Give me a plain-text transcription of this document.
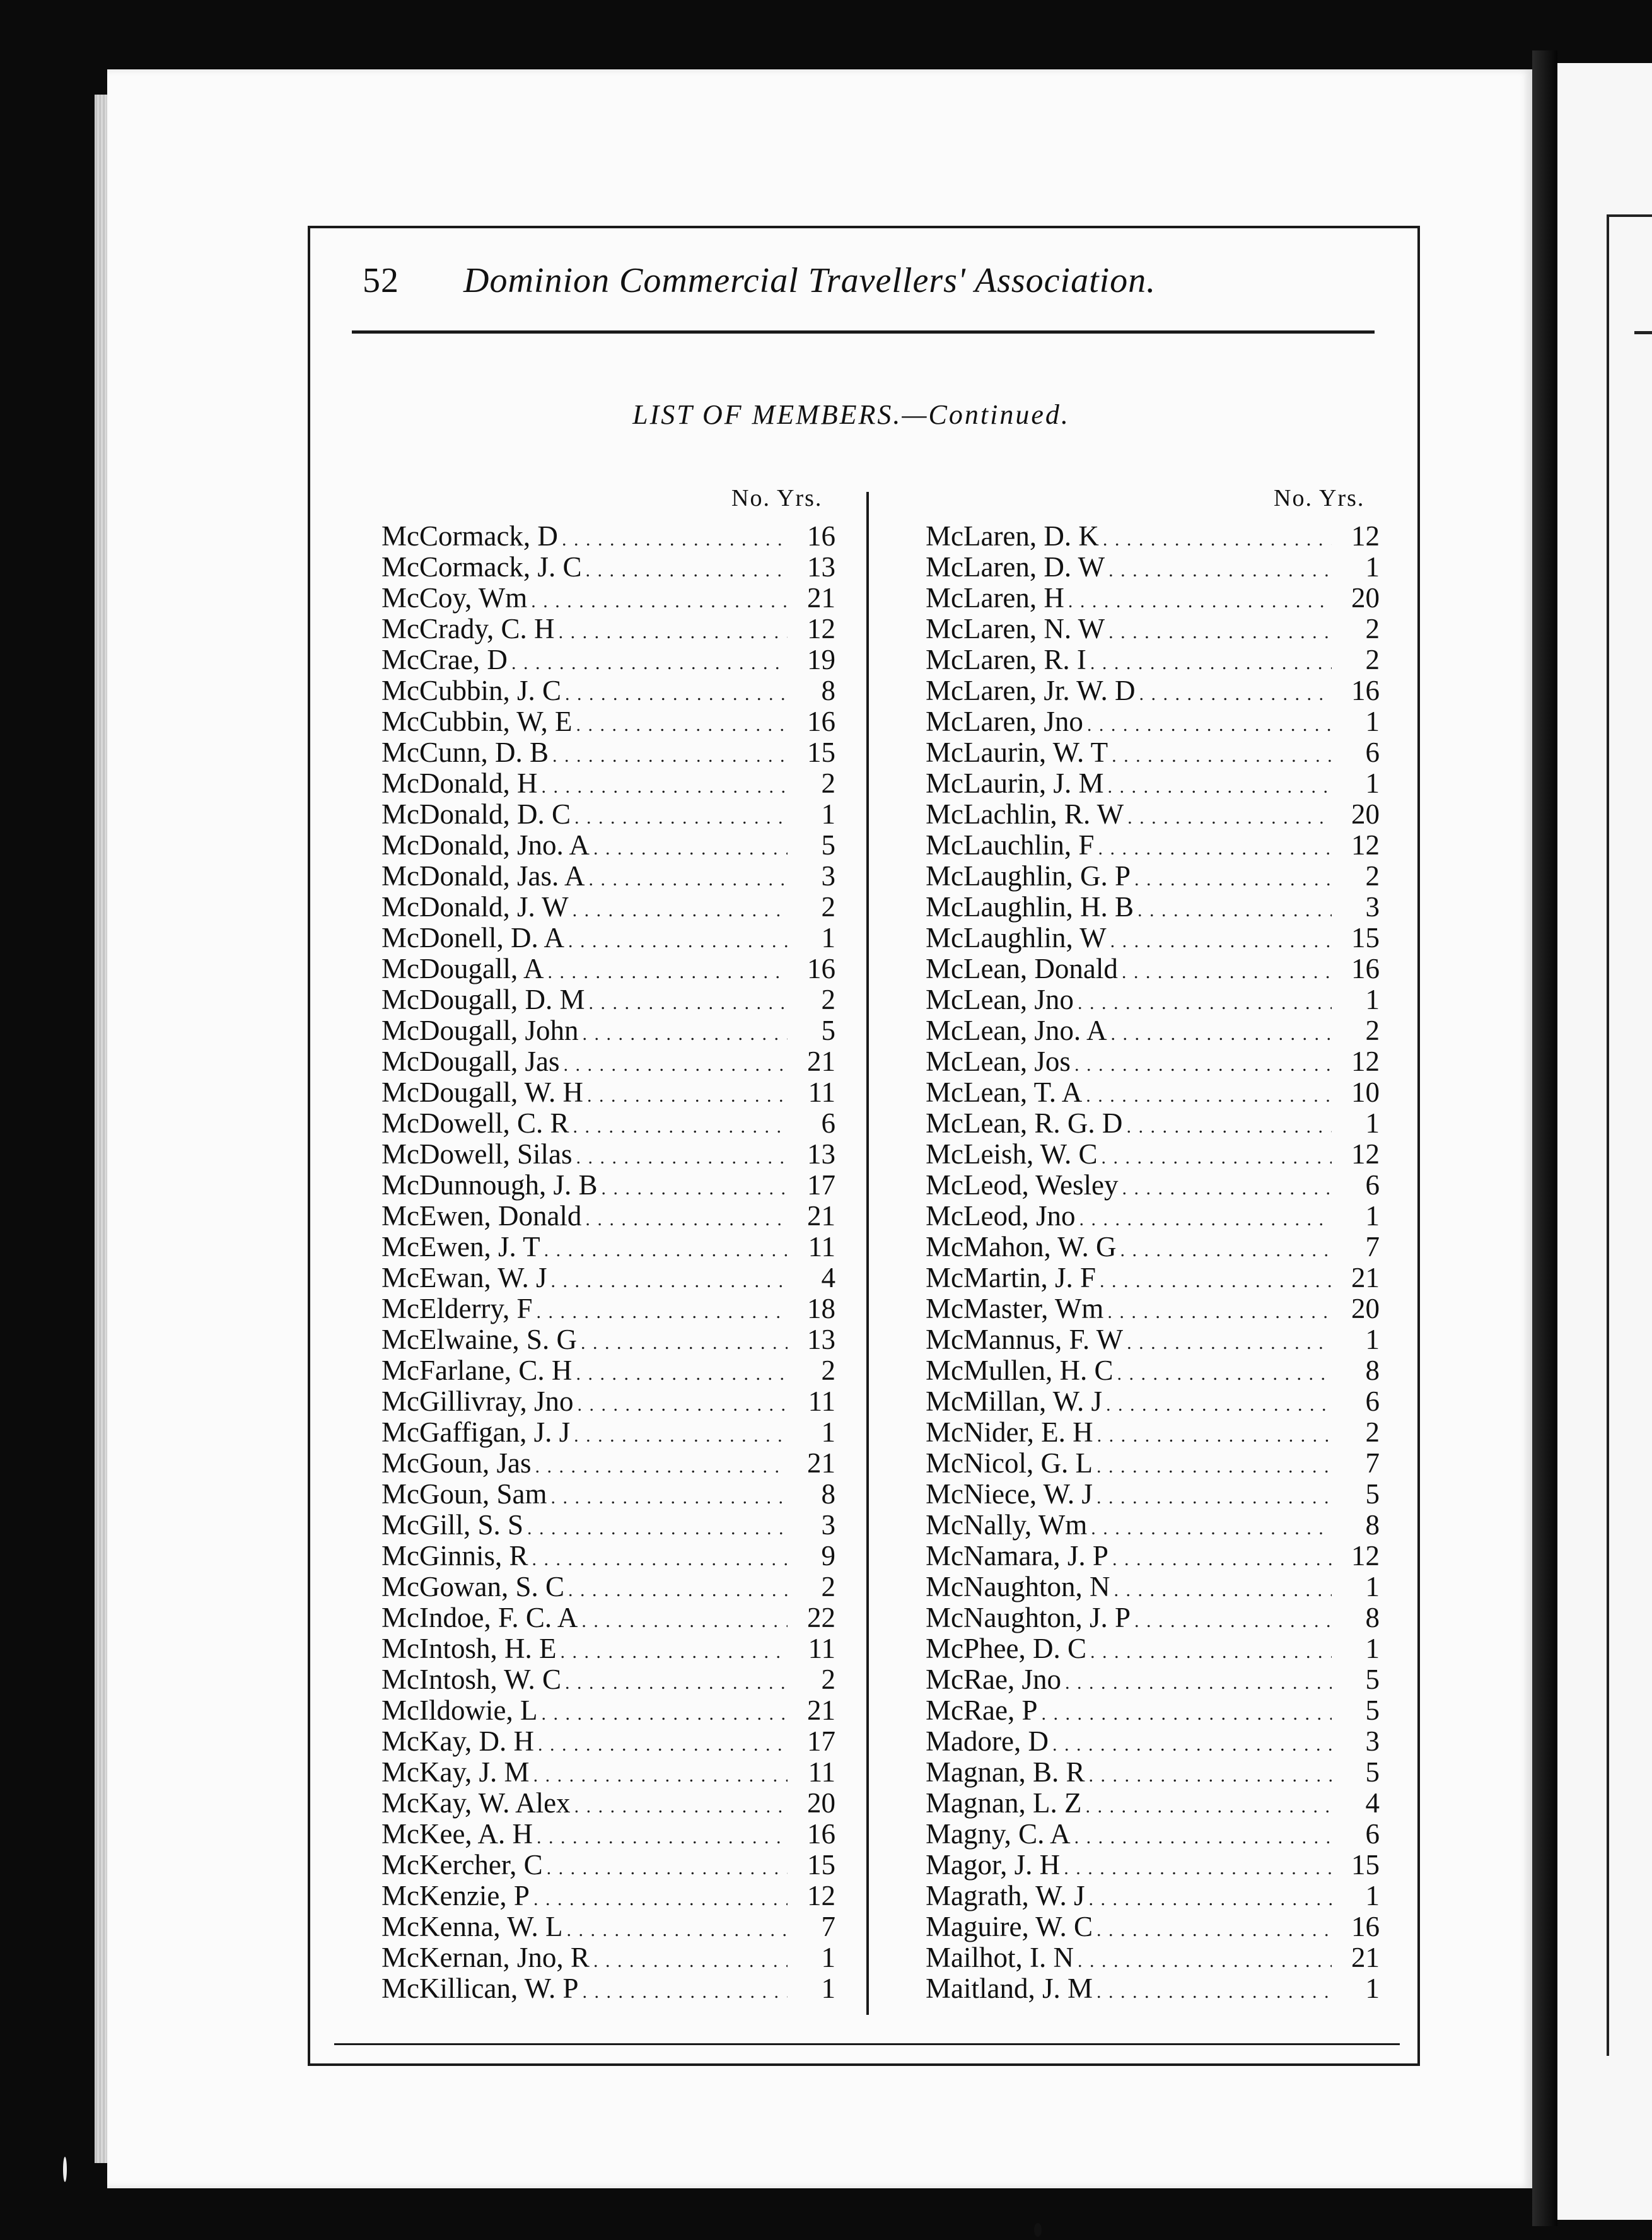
52 Dominion Commercial Travellers' Association.
LIST OF MEMBERS.—Continued.
No. Yrs.	No. Yrs.
McCormack, D . . .	16
McCormack, J. C . . .	13
McCoy, Wm . . .	21
McCrady, C. H . . .	12
McCrae, D . . .	19
McCubbin, J. C . . .	8
McCubbin, W, E . . .	16
McCunn, D. B . . .	15
McDonald, H . . .	2
McDonald, D. C . . .	1
McDonald, Jno. A . . .	5
McDonald, Jas. A . . .	3
McDonald, J. W . . .	2
McDonell, D. A . . .	1
McDougall, A . . .	16
McDougall, D. M . . .	2
McDougall, John . . .	5
McDougall, Jas . . .	21
McDougall, W. H . . .	11
McDowell, C. R . . .	6
McDowell, Silas . . .	13
McDunnough, J. B . . .	17
McEwen, Donald . . .	21
McEwen, J. T . . .	11
McEwan, W. J . . .	4
McElderry, F . . .	18
McElwaine, S. G . . .	13
McFarlane, C. H . . .	2
McGillivray, Jno . . .	11
McGaffigan, J. J . . .	1
McGoun, Jas . . .	21
McGoun, Sam . . .	8
McGill, S. S . . .	3
McGinnis, R . . .	9
McGowan, S. C . . .	2
McIndoe, F. C. A . . .	22
McIntosh, H. E . . .	11
McIntosh, W. C . . .	2
McIldowie, L . . .	21
McKay, D. H . . .	17
McKay, J. M . . .	11
McKay, W. Alex . . .	20
McKee, A. H . . .	16
McKercher, C . . .	15
McKenzie, P . . .	12
McKenna, W. L . . .	7
McKernan, Jno, R . . .	1
McKillican, W. P . . .	1
McLaren, D. K . . .	12
McLaren, D. W . . .	1
McLaren, H . . .	20
McLaren, N. W . . .	2
McLaren, R. I . . .	2
McLaren, Jr. W. D . . .	16
McLaren, Jno . . .	1
McLaurin, W. T . . .	6
McLaurin, J. M . . .	1
McLachlin, R. W . . .	20
McLauchlin, F . . .	12
McLaughlin, G. P . . .	2
McLaughlin, H. B . . .	3
McLaughlin, W . . .	15
McLean, Donald . . .	16
McLean, Jno . . .	1
McLean, Jno. A . . .	2
McLean, Jos . . .	12
McLean, T. A . . .	10
McLean, R. G. D . . .	1
McLeish, W. C . . .	12
McLeod, Wesley . . .	6
McLeod, Jno . . .	1
McMahon, W. G . . .	7
McMartin, J. F . . .	21
McMaster, Wm . . .	20
McMannus, F. W . . .	1
McMullen, H. C . . .	8
McMillan, W. J . . .	6
McNider, E. H . . .	2
McNicol, G. L . . .	7
McNiece, W. J . . .	5
McNally, Wm . . .	8
McNamara, J. P . . .	12
McNaughton, N . . .	1
McNaughton, J. P . . .	8
McPhee, D. C . . .	1
McRae, Jno . . .	5
McRae, P . . .	5
Madore, D . . .	3
Magnan, B. R . . .	5
Magnan, L. Z . . .	4
Magny, C. A . . .	6
Magor, J. H . . .	15
Magrath, W. J . . .	1
Maguire, W. C . . .	16
Mailhot, I. N . . .	21
Maitland, J. M . . .	1
